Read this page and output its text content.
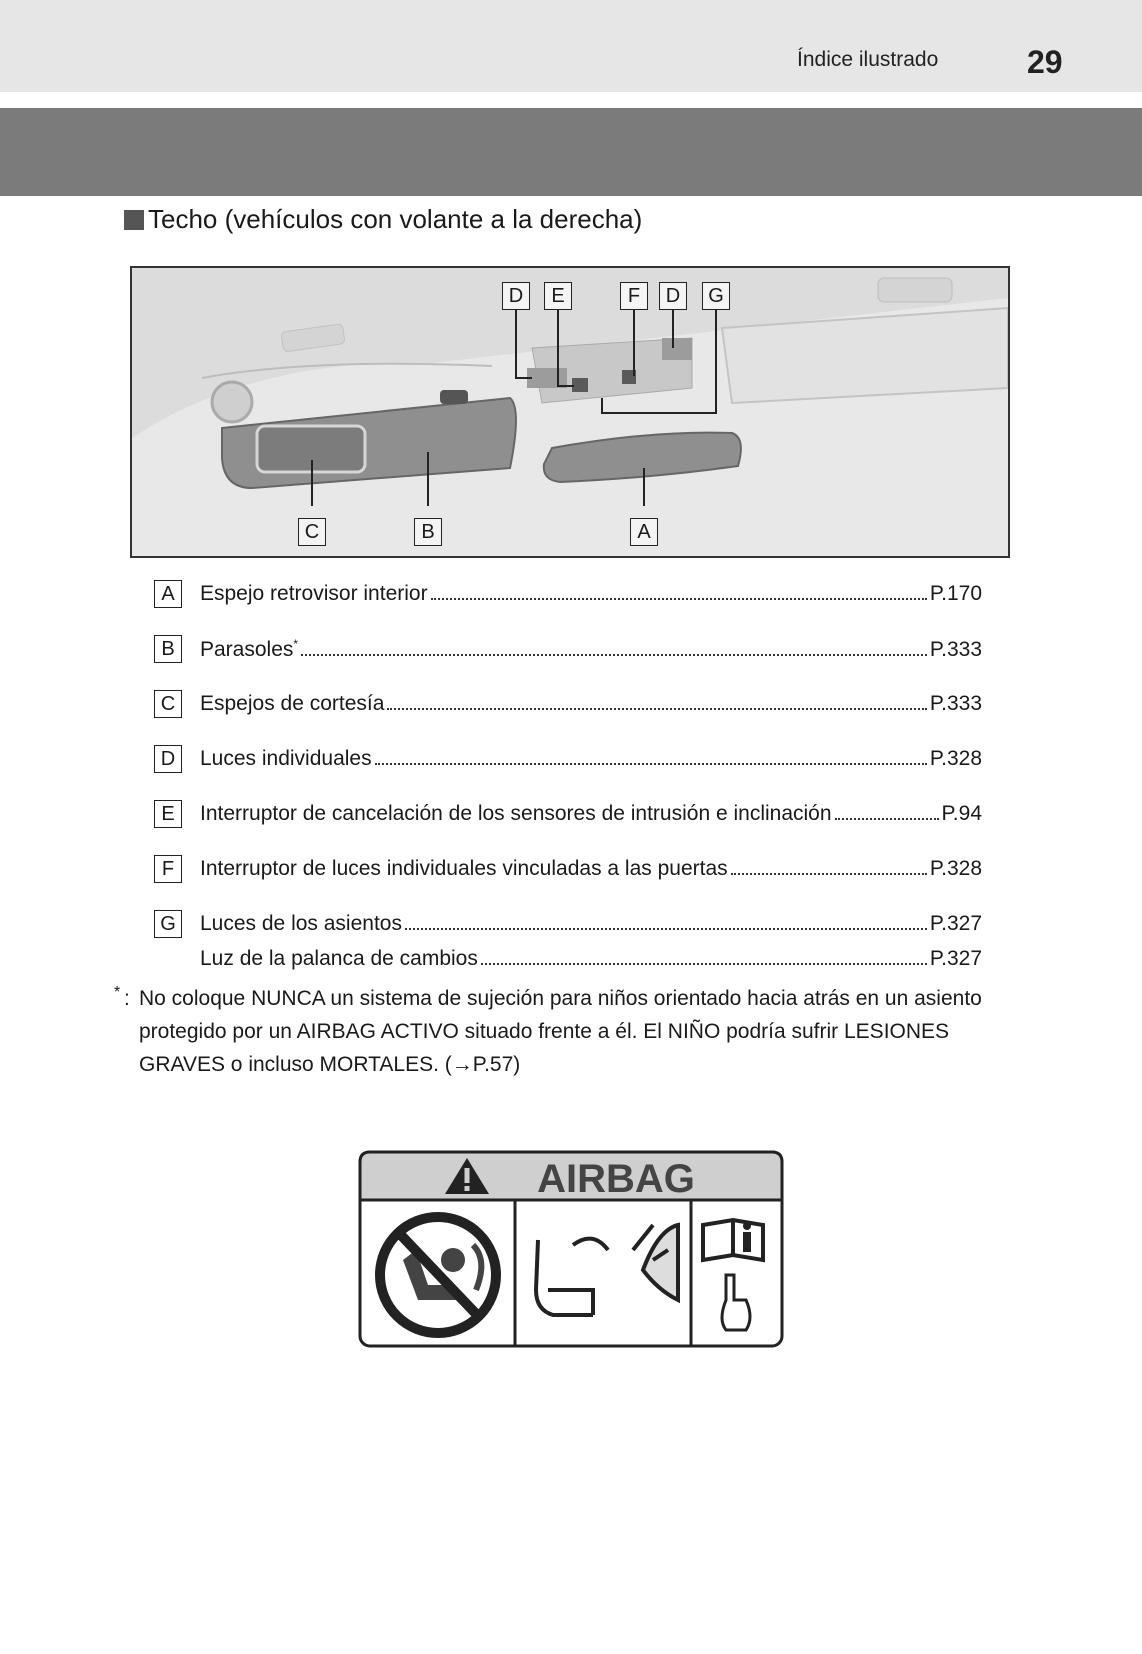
Índice ilustrado	29
Techo (vehículos con volante a la derecha)
D	E	F	D	G
C	B	A
A	Espejo retrovisor interior	P.170
B	Parasoles*	P.333
C	Espejos de cortesía	P.333
D	Luces individuales	P.328
E	Interruptor de cancelación de los sensores de intrusión e inclinación	P.94
F	Interruptor de luces individuales vinculadas a las puertas	P.328
G Luces de los asientos	P.327
Luz de la palanca de cambios	P.327
* : No coloque NUNCA un sistema de sujeción para niños orientado hacia atrás en un asiento protegido por un AIRBAG ACTIVO situado frente a él. El NIÑO podría sufrir LESIONES GRAVES o incluso MORTALES. (→P.57)
AIRBAG
